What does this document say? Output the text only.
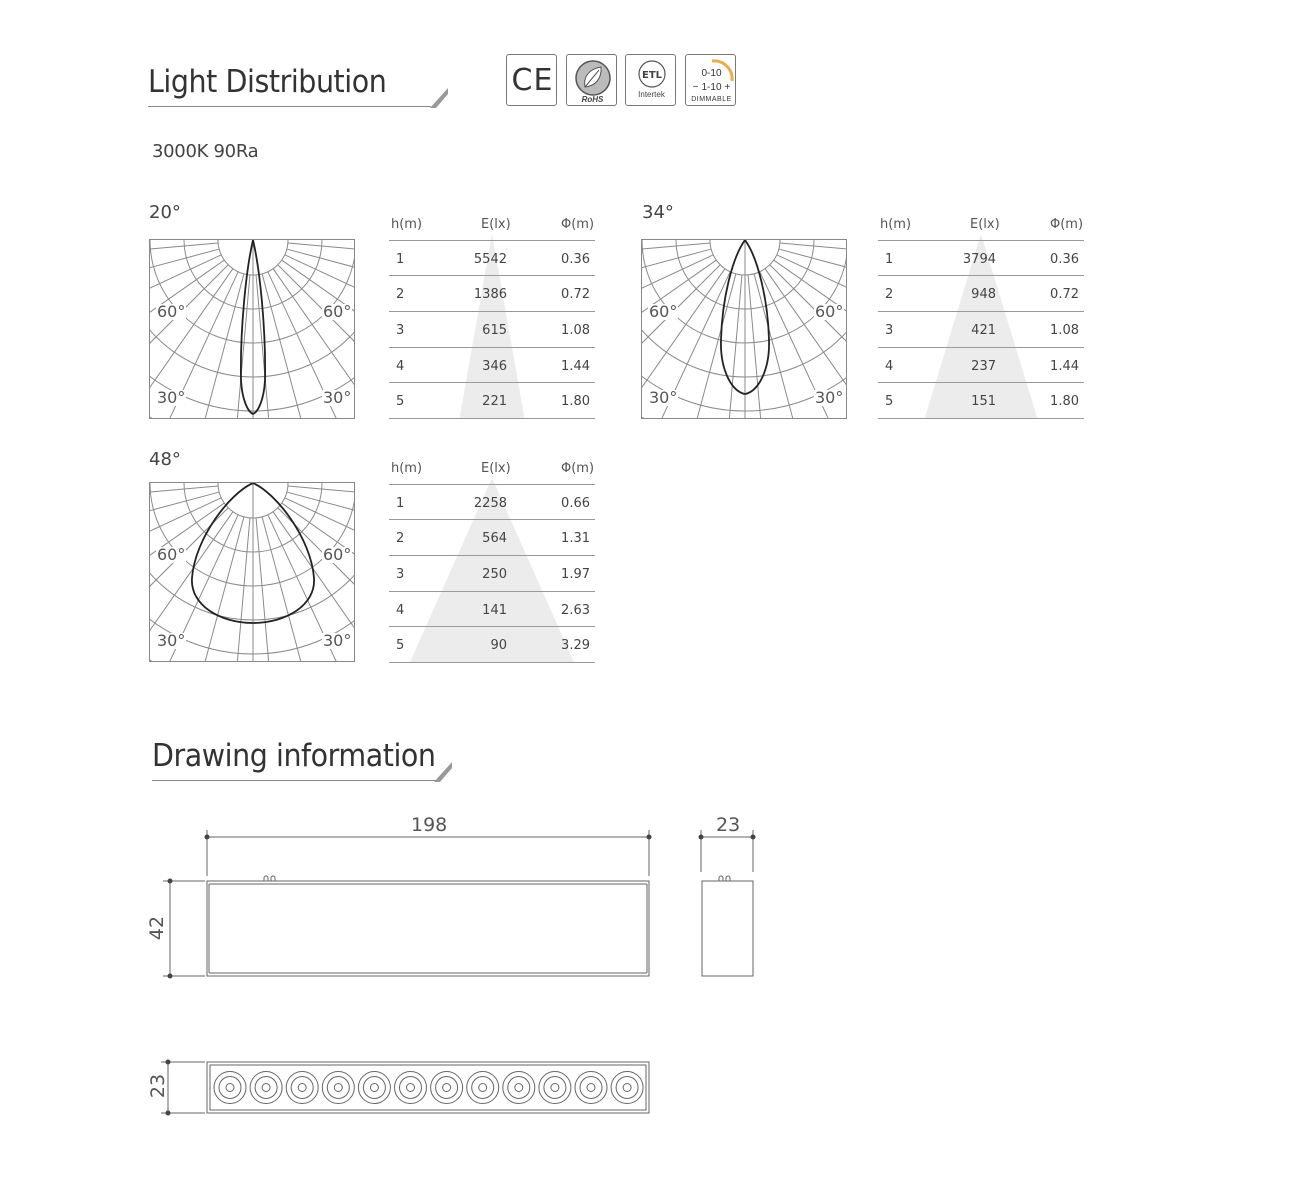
Light Distribution	CE
RoHS
ETL
Intertek
0-10
− 1-10 +
DIMMABLE
3000K 90Ra
20°
60°	60°
30°	30°
h(m)	E(lx)	Φ(m)
1	5542	0.36
2	1386	0.72
3	615	1.08
4	346	1.44
5	221	1.80
34°
60°	60°
30°	30°
h(m)	E(lx)	Φ(m)
1	3794	0.36
2	948	0.72
3	421	1.08
4	237	1.44
5	151	1.80
48°
60°	60°
30°	30°
h(m)	E(lx)	Φ(m)
1	2258	0.66
2	564	1.31
3	250	1.97
4	141	2.63
5	90	3.29
Drawing information
198	23
42
23
